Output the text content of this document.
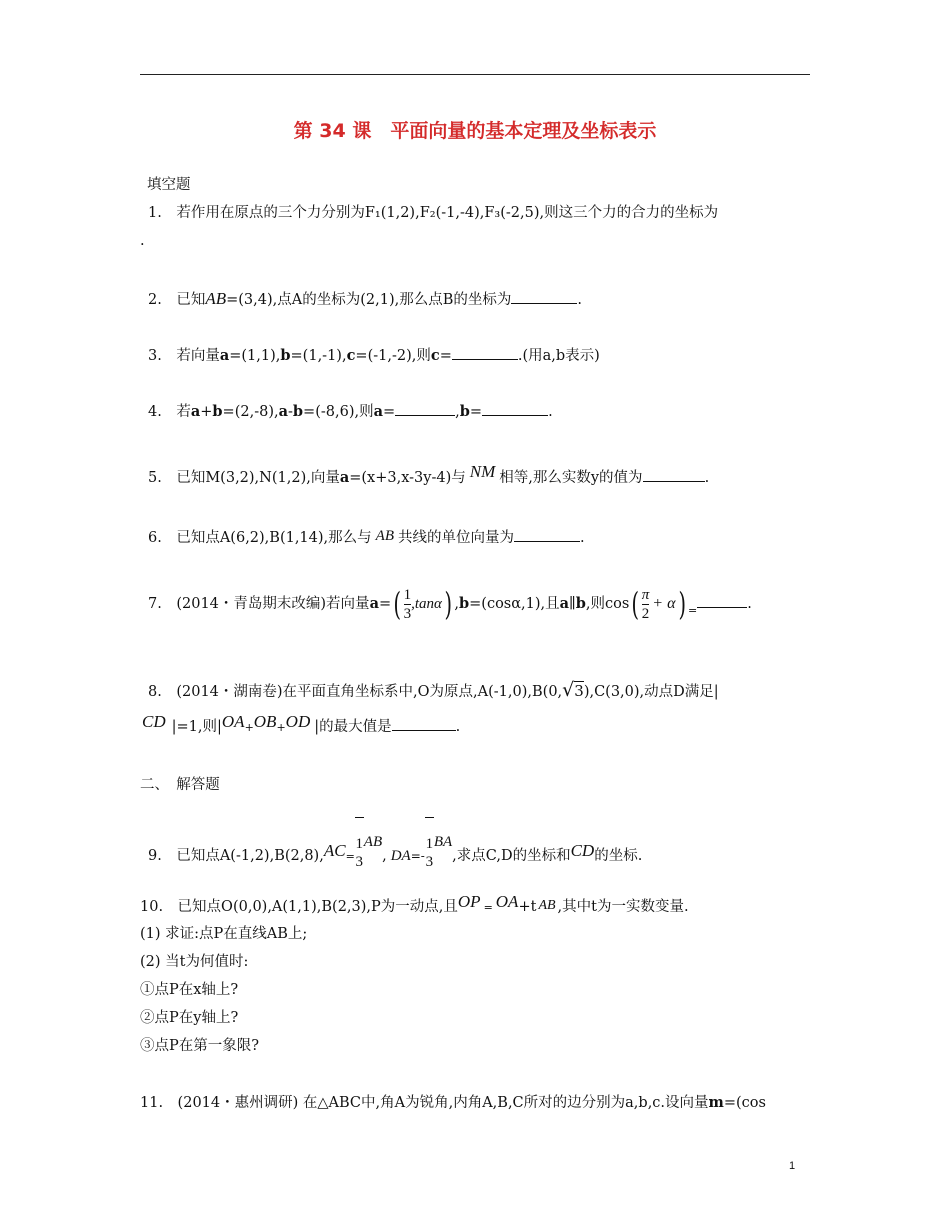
第 34 课　平面向量的基本定理及坐标表示
填空题
1.　若作用在原点的三个力分别为F₁(1,2),F₂(-1,-4),F₃(-2,5),则这三个力的合力的坐标为
.
2.　已知AB=(3,4),点A的坐标为(2,1),那么点B的坐标为	.
3.　若向量a=(1,1),b=(1,-1),c=(-1,-2),则c=	.(用a,b表示)
4.　若a+b=(2,-8),a-b=(-8,6),则a=	,b=	.
5.　已知M(3,2),N(1,2),向量a=(x+3,x-3y-4)与 NM 相等,那么实数y的值为	.
6.　已知点A(6,2),B(1,14),那么与 AB 共线的单位向量为	.
7.　(2014・青岛期末改编)若向量$a=( \frac{1}{3} ,\tan\alpha)$ ,b=(cosα,1),且a∥b,则$\cos( \frac{\pi}{2} + \alpha)$ $_=$	.
8.　(2014・湖南卷)在平面直角坐标系中,O为原点,A(-1,0),B(0,√3),C(3,0),动点D满足|
CD |=1,则|OA+OB+OD |的最大值是	.
二、　解答题
9.　已知点A(-1,2),B(2,8),AC=
1
3
AB, DA=-
1
3
BA,求点C,D的坐标和CD的坐标.
10.　已知点O(0,0),A(1,1),B(2,3),P为一动点,且OP = OA+t AB ,其中t为一实数变量.
(1) 求证:点P在直线AB上;
(2) 当t为何值时:
①点P在x轴上?
②点P在y轴上?
③点P在第一象限?
11.　(2014・惠州调研) 在△ABC中,角A为锐角,内角A,B,C所对的边分别为a,b,c.设向量m=(cos
1
